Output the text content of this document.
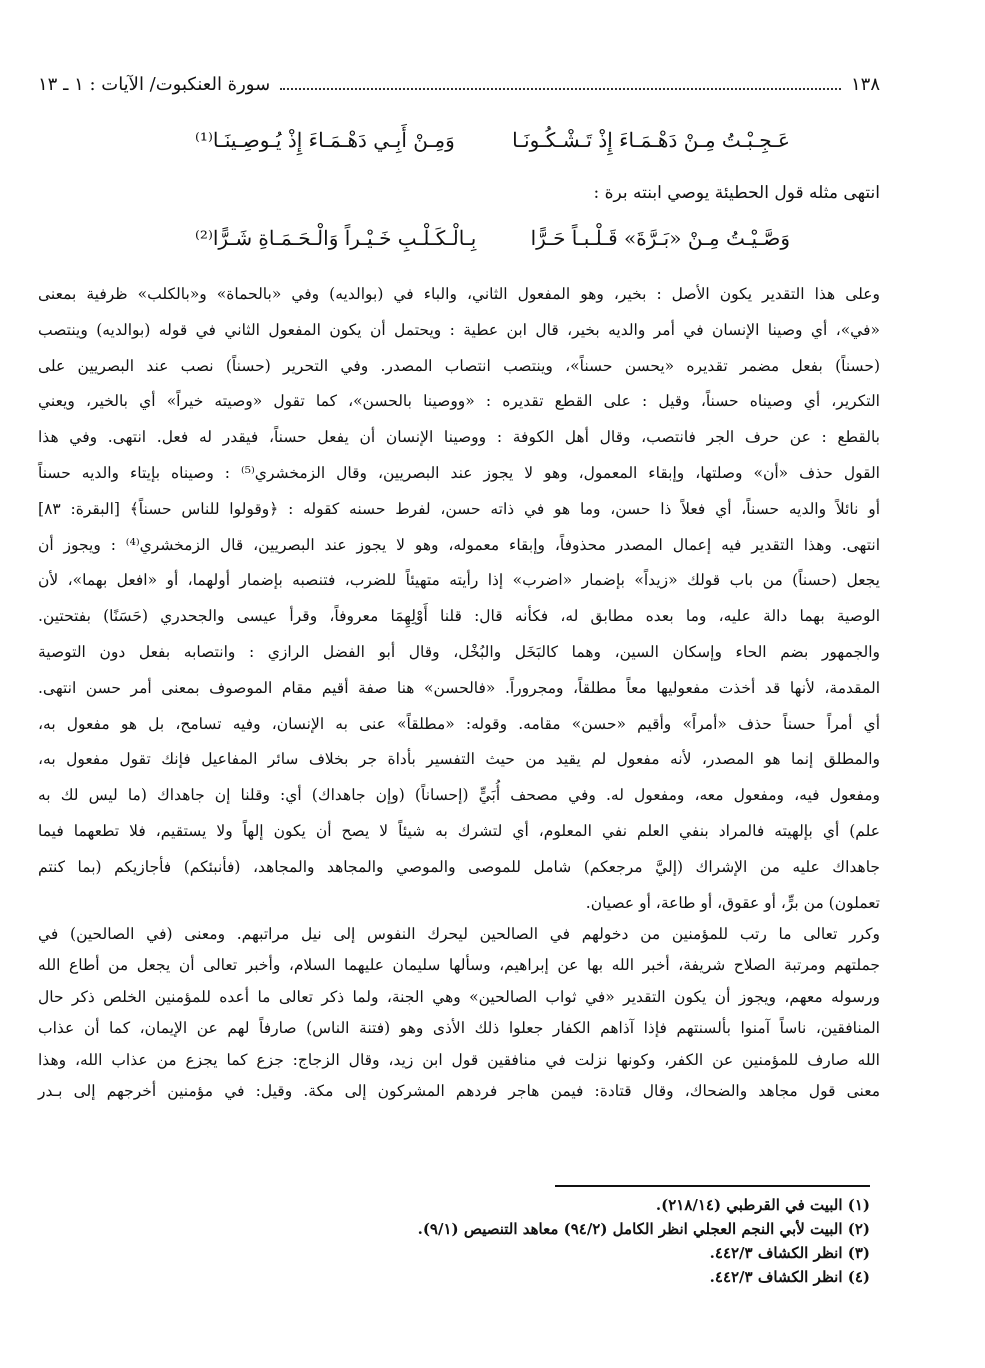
١٣٨
سورة العنكبوت/ الآيات : ١ ـ ١٣
عَـجِـبْـتُ مِـنْ دَهْـمَـاءَ إِذْ تَـشْـكُـونَـا
وَمِـنْ أَبِـي دَهْـمَـاءَ إِذْ يُـوصِـينَـا⁽¹⁾
انتهى مثله قول الحطيئة يوصي ابنته برة :
وَصَّـيْـتُ مِـنْ «بَـرَّةَ» قَـلْـبـاً حَـرًّا
بِـالْـكَـلْـبِ خَـيْـراً وَالْـحَـمَـاةِ شَـرًّا⁽²⁾
وعلى هذا التقدير يكون الأصل : بخير، وهو المفعول الثاني، والباء في (بوالديه) وفي «بالحماة» و«بالكلب» ظرفية بمعنى
«في»، أي وصينا الإنسان في أمر والديه بخير، قال ابن عطية : ويحتمل أن يكون المفعول الثاني في قوله (بوالديه) وينتصب
(حسناً) بفعل مضمر تقديره «يحسن حسناً»، وينتصب انتصاب المصدر. وفي التحرير (حسناً) نصب عند البصريين على
التكرير، أي وصيناه حسناً، وقيل : على القطع تقديره : «ووصينا بالحسن»، كما تقول «وصيته خيراً» أي بالخير، ويعني
بالقطع : عن حرف الجر فانتصب، وقال أهل الكوفة : ووصينا الإنسان أن يفعل حسناً، فيقدر له فعل. انتهى. وفي هذا
القول حذف «أن» وصلتها، وإبقاء المعمول، وهو لا يجوز عند البصريين، وقال الزمخشري⁽⁵⁾ : وصيناه بإيتاء والديه حسناً
أو نائلاً والديه حسناً، أي فعلاً ذا حسن، وما هو في ذاته حسن، لفرط حسنه كقوله : ﴿وقولوا للناس حسناً﴾ [البقرة: ٨٣]
انتهى. وهذا التقدير فيه إعمال المصدر محذوفاً، وإبقاء معموله، وهو لا يجوز عند البصريين، قال الزمخشري⁽⁴⁾ : ويجوز أن
يجعل (حسناً) من باب قولك «زيداً» بإضمار «اضرب» إذا رأيته متهيئاً للضرب، فتنصبه بإضمار أولهما، أو «افعل بهما»، لأن
الوصية بهما دالة عليه، وما بعده مطابق له، فكأنه قال: قلنا أَوْلِهِمَا معروفاً، وقرأ عيسى والجحدري (حَسَنًا) بفتحتين.
والجمهور بضم الحاء وإسكان السين، وهما كالبَخَل والبُخْل، وقال أبو الفضل الرازي : وانتصابه بفعل دون التوصية
المقدمة، لأنها قد أخذت مفعوليها معاً مطلقاً، ومجروراً. «فالحسن» هنا صفة أقيم مقام الموصوف بمعنى أمر حسن انتهى.
أي أمراً حسناً حذف «أمراً» وأقيم «حسن» مقامه. وقوله: «مطلقاً» عنى به الإنسان، وفيه تسامح، بل هو مفعول به،
والمطلق إنما هو المصدر، لأنه مفعول لم يقيد من حيث التفسير بأداة جر بخلاف سائر المفاعيل فإنك تقول مفعول به،
ومفعول فيه، ومفعول معه، ومفعول له. وفي مصحف أُبَيٍّ (إحساناً) (وإن جاهداك) أي: وقلنا إن جاهداك (ما ليس لك به
علم) أي بإلهيته فالمراد بنفي العلم نفي المعلوم، أي لتشرك به شيئاً لا يصح أن يكون إلهاً ولا يستقيم، فلا تطعهما فيما
جاهداك عليه من الإشراك (إليَّ مرجعكم) شامل للموصى والموصي والمجاهد والمجاهد، (فأنبئكم) فأجازيكم (بما كنتم
تعملون) من برٍّ، أو عقوق، أو طاعة، أو عصيان.
وكرر تعالى ما رتب للمؤمنين من دخولهم في الصالحين ليحرك النفوس إلى نيل مراتبهم. ومعنى (في الصالحين) في
جملتهم ومرتبة الصلاح شريفة، أخبر الله بها عن إبراهيم، وسألها سليمان عليهما السلام، وأخبر تعالى أن يجعل من أطاع الله
ورسوله معهم، ويجوز أن يكون التقدير «في ثواب الصالحين» وهي الجنة، ولما ذكر تعالى ما أعده للمؤمنين الخلص ذكر حال
المنافقين، ناساً آمنوا بألسنتهم فإذا آذاهم الكفار جعلوا ذلك الأذى وهو (فتنة الناس) صارفاً لهم عن الإيمان، كما أن عذاب
الله صارف للمؤمنين عن الكفر، وكونها نزلت في منافقين قول ابن زيد، وقال الزجاج: جزع كما يجزع من عذاب الله، وهذا
معنى قول مجاهد والضحاك، وقال قتادة: فيمن هاجر فردهم المشركون إلى مكة. وقيل: في مؤمنين أخرجهم إلى بـدر
(١) البيت في القرطبي (٢١٨/١٤).
(٢) البيت لأبي النجم العجلي انظر الكامل (٩٤/٢) معاهد التنصيص (٩/١).
(٣) انظر الكشاف ٤٤٢/٣.
(٤) انظر الكشاف ٤٤٢/٣.
